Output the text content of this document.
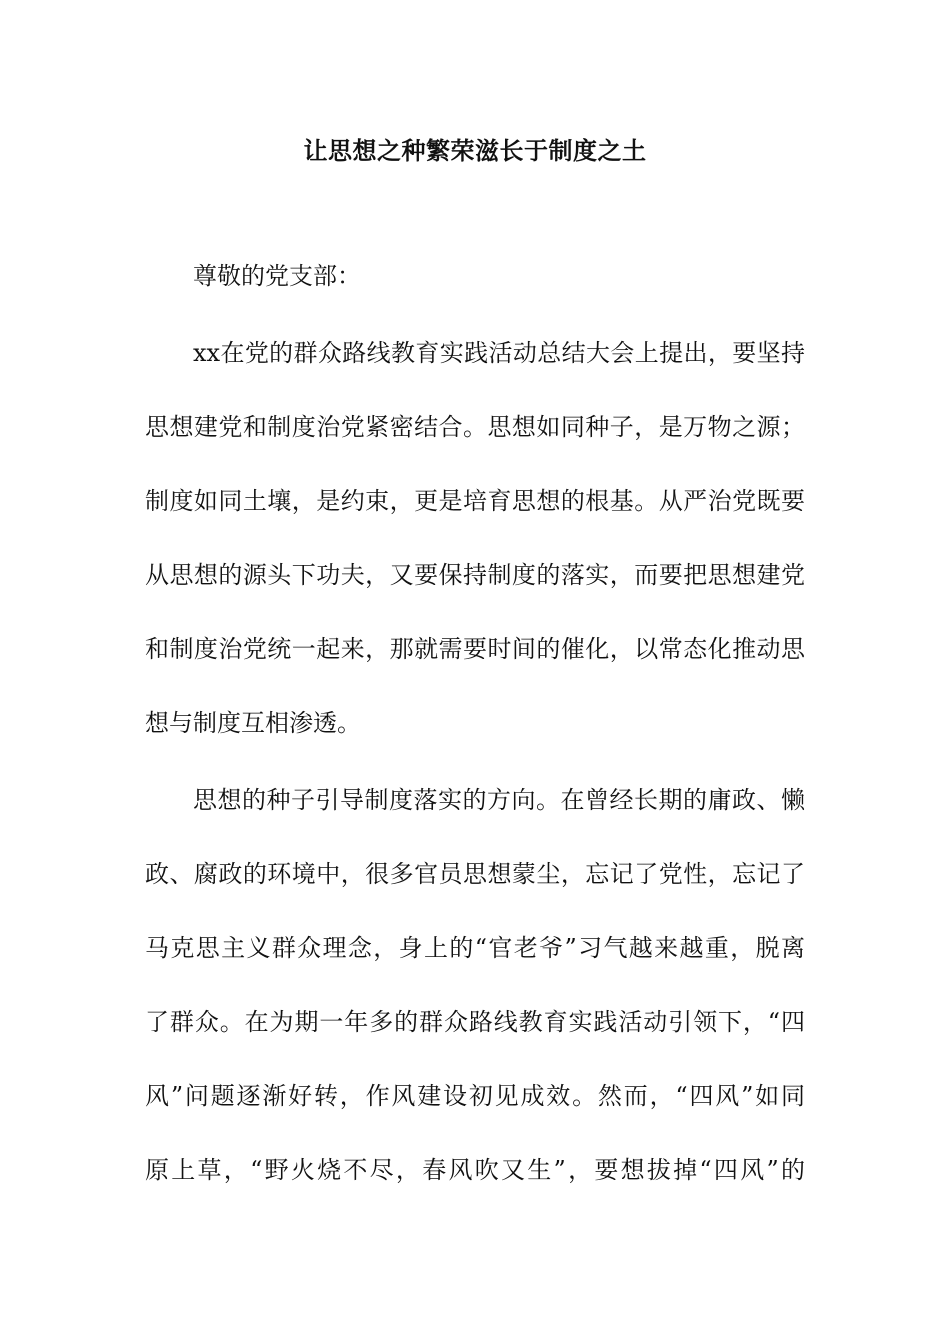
让思想之种繁荣滋长于制度之土
尊敬的党支部：
xx在党的群众路线教育实践活动总结大会上提出，要坚持
思想建党和制度治党紧密结合。思想如同种子，是万物之源；
制度如同土壤，是约束，更是培育思想的根基。从严治党既要
从思想的源头下功夫，又要保持制度的落实，而要把思想建党
和制度治党统一起来，那就需要时间的催化，以常态化推动思
想与制度互相渗透。
思想的种子引导制度落实的方向。在曾经长期的庸政、懒
政、腐政的环境中，很多官员思想蒙尘，忘记了党性，忘记了
马克思主义群众理念，身上的“官老爷”习气越来越重，脱离
了群众。在为期一年多的群众路线教育实践活动引领下，“四
风”问题逐渐好转，作风建设初见成效。然而，“四风”如同
原上草，“野火烧不尽，春风吹又生”，要想拔掉“四风”的
